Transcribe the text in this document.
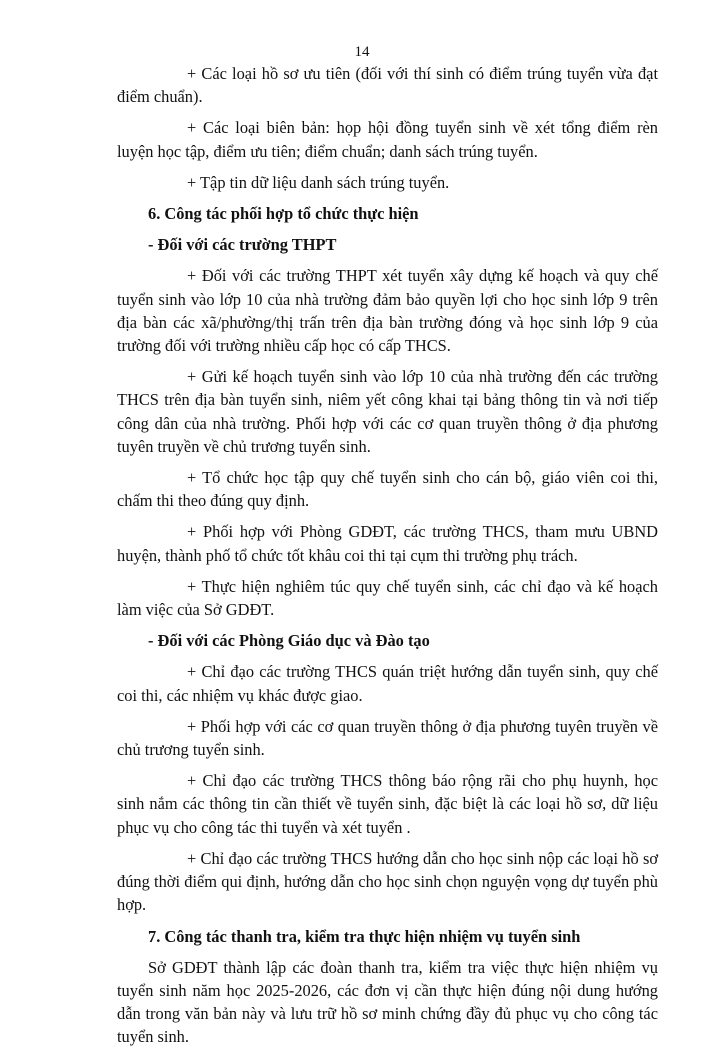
14

+ Các loại hồ sơ ưu tiên (đối với thí sinh có điểm trúng tuyển vừa đạt điểm chuẩn).

+ Các loại biên bản: họp hội đồng tuyển sinh về xét tổng điểm rèn luyện học tập, điểm ưu tiên; điểm chuẩn; danh sách trúng tuyển.

+ Tập tin dữ liệu danh sách trúng tuyển.

6. Công tác phối hợp tổ chức thực hiện

- Đối với các trường THPT

+ Đối với các trường THPT xét tuyển xây dựng kế hoạch và quy chế tuyển sinh vào lớp 10 của nhà trường đảm bảo quyền lợi cho học sinh lớp 9 trên địa bàn các xã/phường/thị trấn trên địa bàn trường đóng và học sinh lớp 9 của trường đối với trường nhiều cấp học có cấp THCS.

+ Gửi kế hoạch tuyển sinh vào lớp 10 của nhà trường đến các trường THCS trên địa bàn tuyển sinh, niêm yết công khai tại bảng thông tin và nơi tiếp công dân của nhà trường. Phối hợp với các cơ quan truyền thông ở địa phương tuyên truyền về chủ trương tuyển sinh.

+ Tổ chức học tập quy chế tuyển sinh cho cán bộ, giáo viên coi thi, chấm thi theo đúng quy định.

+ Phối hợp với Phòng GDĐT, các trường THCS, tham mưu UBND huyện, thành phố tổ chức tốt khâu coi thi tại cụm thi trường phụ trách.

+ Thực hiện nghiêm túc quy chế tuyển sinh, các chỉ đạo và kế hoạch làm việc của Sở GDĐT.

- Đối với các Phòng Giáo dục và Đào tạo

+ Chỉ đạo các trường THCS quán triệt hướng dẫn tuyển sinh, quy chế coi thi, các nhiệm vụ khác được giao.

+ Phối hợp với các cơ quan truyền thông ở địa phương tuyên truyền về chủ trương tuyển sinh.

+ Chỉ đạo các trường THCS thông báo rộng rãi cho phụ huynh, học sinh nắm các thông tin cần thiết về tuyển sinh, đặc biệt là các loại hồ sơ, dữ liệu phục vụ cho công tác thi tuyển và xét tuyển .

+ Chỉ đạo các trường THCS hướng dẫn cho học sinh nộp các loại hồ sơ đúng thời điểm qui định, hướng dẫn cho học sinh chọn nguyện vọng dự tuyển phù hợp.

7. Công tác thanh tra, kiểm tra thực hiện nhiệm vụ tuyển sinh

Sở GDĐT thành lập các đoàn thanh tra, kiểm tra việc thực hiện nhiệm vụ tuyển sinh năm học 2025-2026, các đơn vị cần thực hiện đúng nội dung hướng dẫn trong văn bản này và lưu trữ hồ sơ minh chứng đầy đủ phục vụ cho công tác tuyển sinh.
